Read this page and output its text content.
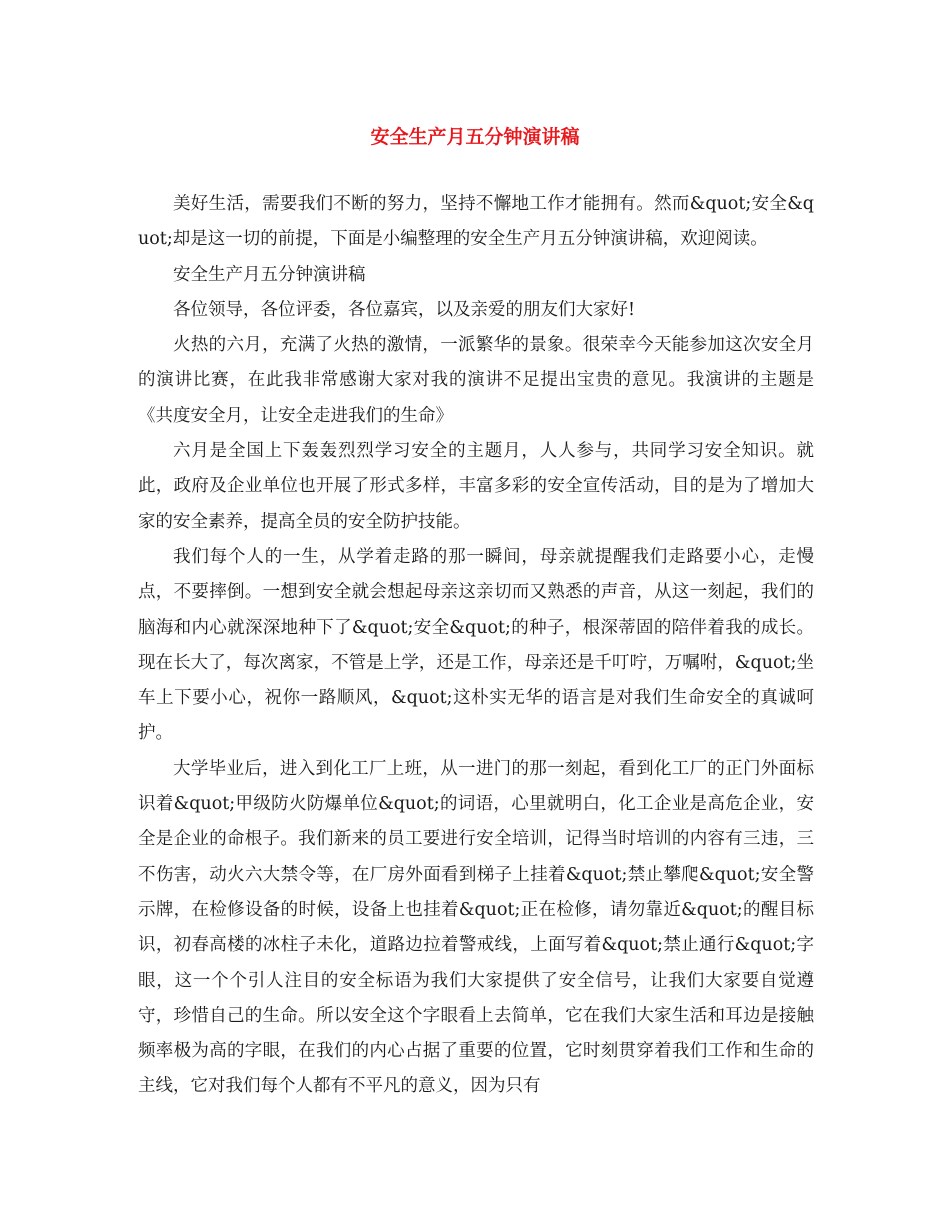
安全生产月五分钟演讲稿

美好生活，需要我们不断的努力，坚持不懈地工作才能拥有。然而&quot;安全&quot;却是这一切的前提，下面是小编整理的安全生产月五分钟演讲稿，欢迎阅读。

安全生产月五分钟演讲稿

各位领导，各位评委，各位嘉宾，以及亲爱的朋友们大家好!

火热的六月，充满了火热的激情，一派繁华的景象。很荣幸今天能参加这次安全月的演讲比赛，在此我非常感谢大家对我的演讲不足提出宝贵的意见。我演讲的主题是《共度安全月，让安全走进我们的生命》

六月是全国上下轰轰烈烈学习安全的主题月，人人参与，共同学习安全知识。就此，政府及企业单位也开展了形式多样，丰富多彩的安全宣传活动，目的是为了增加大家的安全素养，提高全员的安全防护技能。

我们每个人的一生，从学着走路的那一瞬间，母亲就提醒我们走路要小心，走慢点，不要摔倒。一想到安全就会想起母亲这亲切而又熟悉的声音，从这一刻起，我们的脑海和内心就深深地种下了&quot;安全&quot;的种子，根深蒂固的陪伴着我的成长。现在长大了，每次离家，不管是上学，还是工作，母亲还是千叮咛，万嘱咐，&quot;坐车上下要小心，祝你一路顺风，&quot;这朴实无华的语言是对我们生命安全的真诚呵护。

大学毕业后，进入到化工厂上班，从一进门的那一刻起，看到化工厂的正门外面标识着&quot;甲级防火防爆单位&quot;的词语，心里就明白，化工企业是高危企业，安全是企业的命根子。我们新来的员工要进行安全培训，记得当时培训的内容有三违，三不伤害，动火六大禁令等，在厂房外面看到梯子上挂着&quot;禁止攀爬&quot;安全警示牌，在检修设备的时候，设备上也挂着&quot;正在检修，请勿靠近&quot;的醒目标识，初春高楼的冰柱子未化，道路边拉着警戒线，上面写着&quot;禁止通行&quot;字眼，这一个个引人注目的安全标语为我们大家提供了安全信号，让我们大家要自觉遵守，珍惜自己的生命。所以安全这个字眼看上去简单，它在我们大家生活和耳边是接触频率极为高的字眼，在我们的内心占据了重要的位置，它时刻贯穿着我们工作和生命的主线，它对我们每个人都有不平凡的意义，因为只有
